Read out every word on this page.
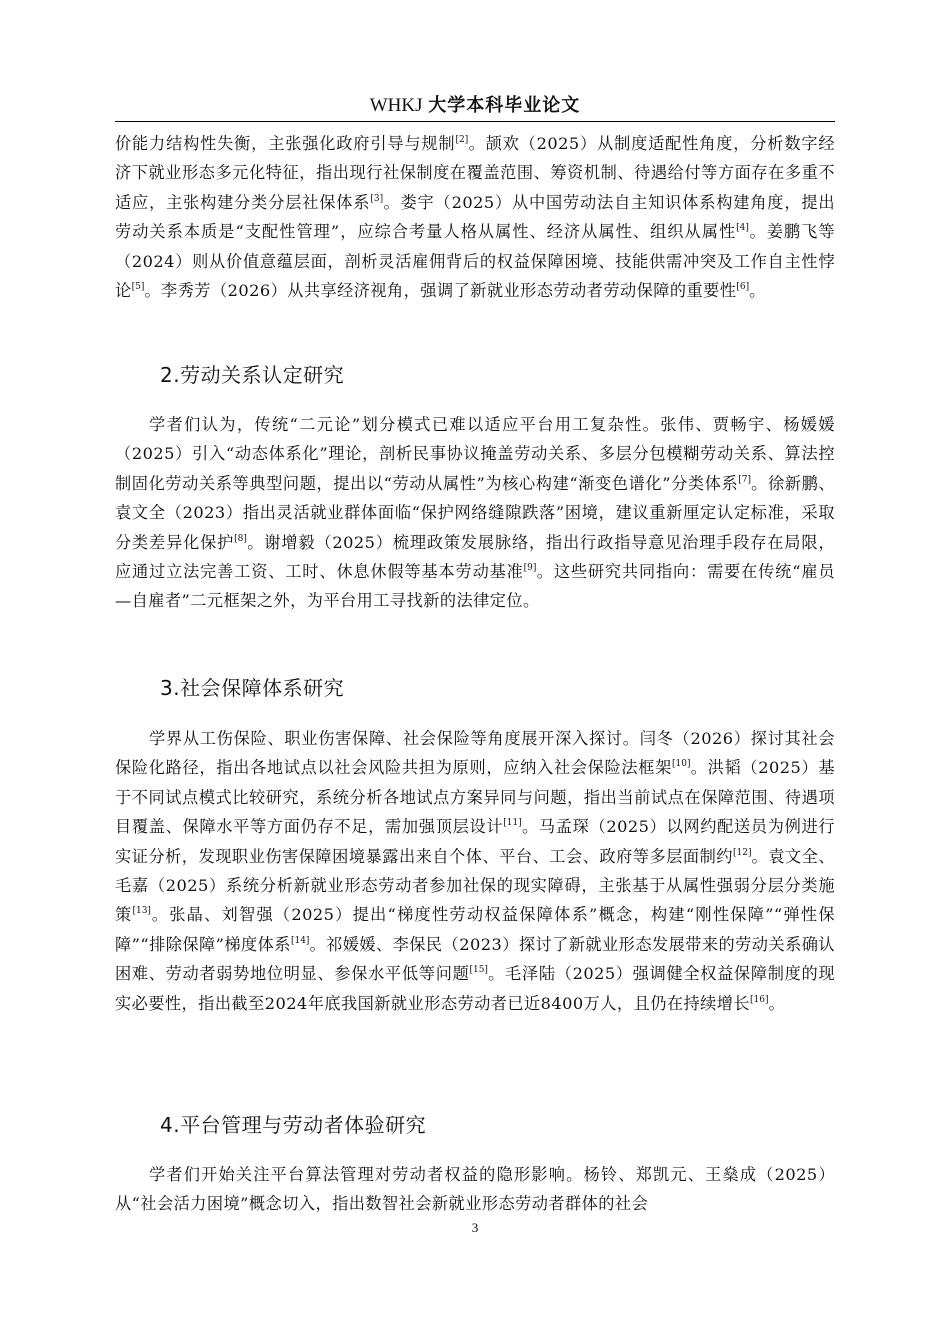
WHKJ 大学本科毕业论文

价能力结构性失衡，主张强化政府引导与规制[2]。颉欢（2025）从制度适配性角度，分析数字经济下就业形态多元化特征，指出现行社保制度在覆盖范围、筹资机制、待遇给付等方面存在多重不适应，主张构建分类分层社保体系[3]。娄宇（2025）从中国劳动法自主知识体系构建角度，提出劳动关系本质是“支配性管理”，应综合考量人格从属性、经济从属性、组织从属性[4]。姜鹏飞等（2024）则从价值意蕴层面，剖析灵活雇佣背后的权益保障困境、技能供需冲突及工作自主性悖论[5]。李秀芳（2026）从共享经济视角，强调了新就业形态劳动者劳动保障的重要性[6]。

2.劳动关系认定研究

学者们认为，传统“二元论”划分模式已难以适应平台用工复杂性。张伟、贾畅宇、杨媛媛（2025）引入“动态体系化”理论，剖析民事协议掩盖劳动关系、多层分包模糊劳动关系、算法控制固化劳动关系等典型问题，提出以“劳动从属性”为核心构建“渐变色谱化”分类体系[7]。徐新鹏、袁文全（2023）指出灵活就业群体面临“保护网络缝隙跌落”困境，建议重新厘定认定标准，采取分类差异化保护[8]。谢增毅（2025）梳理政策发展脉络，指出行政指导意见治理手段存在局限，应通过立法完善工资、工时、休息休假等基本劳动基准[9]。这些研究共同指向：需要在传统“雇员—自雇者”二元框架之外，为平台用工寻找新的法律定位。

3.社会保障体系研究

学界从工伤保险、职业伤害保障、社会保险等角度展开深入探讨。闫冬（2026）探讨其社会保险化路径，指出各地试点以社会风险共担为原则，应纳入社会保险法框架[10]。洪韬（2025）基于不同试点模式比较研究，系统分析各地试点方案异同与问题，指出当前试点在保障范围、待遇项目覆盖、保障水平等方面仍存不足，需加强顶层设计[11]。马孟琛（2025）以网约配送员为例进行实证分析，发现职业伤害保障困境暴露出来自个体、平台、工会、政府等多层面制约[12]。袁文全、毛嘉（2025）系统分析新就业形态劳动者参加社保的现实障碍，主张基于从属性强弱分层分类施策[13]。张晶、刘智强（2025）提出“梯度性劳动权益保障体系”概念，构建“刚性保障”“弹性保障”“排除保障”梯度体系[14]。祁媛媛、李保民（2023）探讨了新就业形态发展带来的劳动关系确认困难、劳动者弱势地位明显、参保水平低等问题[15]。毛泽陆（2025）强调健全权益保障制度的现实必要性，指出截至2024年底我国新就业形态劳动者已近8400万人，且仍在持续增长[16]。

4.平台管理与劳动者体验研究

学者们开始关注平台算法管理对劳动者权益的隐形影响。杨铃、郑凯元、王燊成（2025）从“社会活力困境”概念切入，指出数智社会新就业形态劳动者群体的社会

3
